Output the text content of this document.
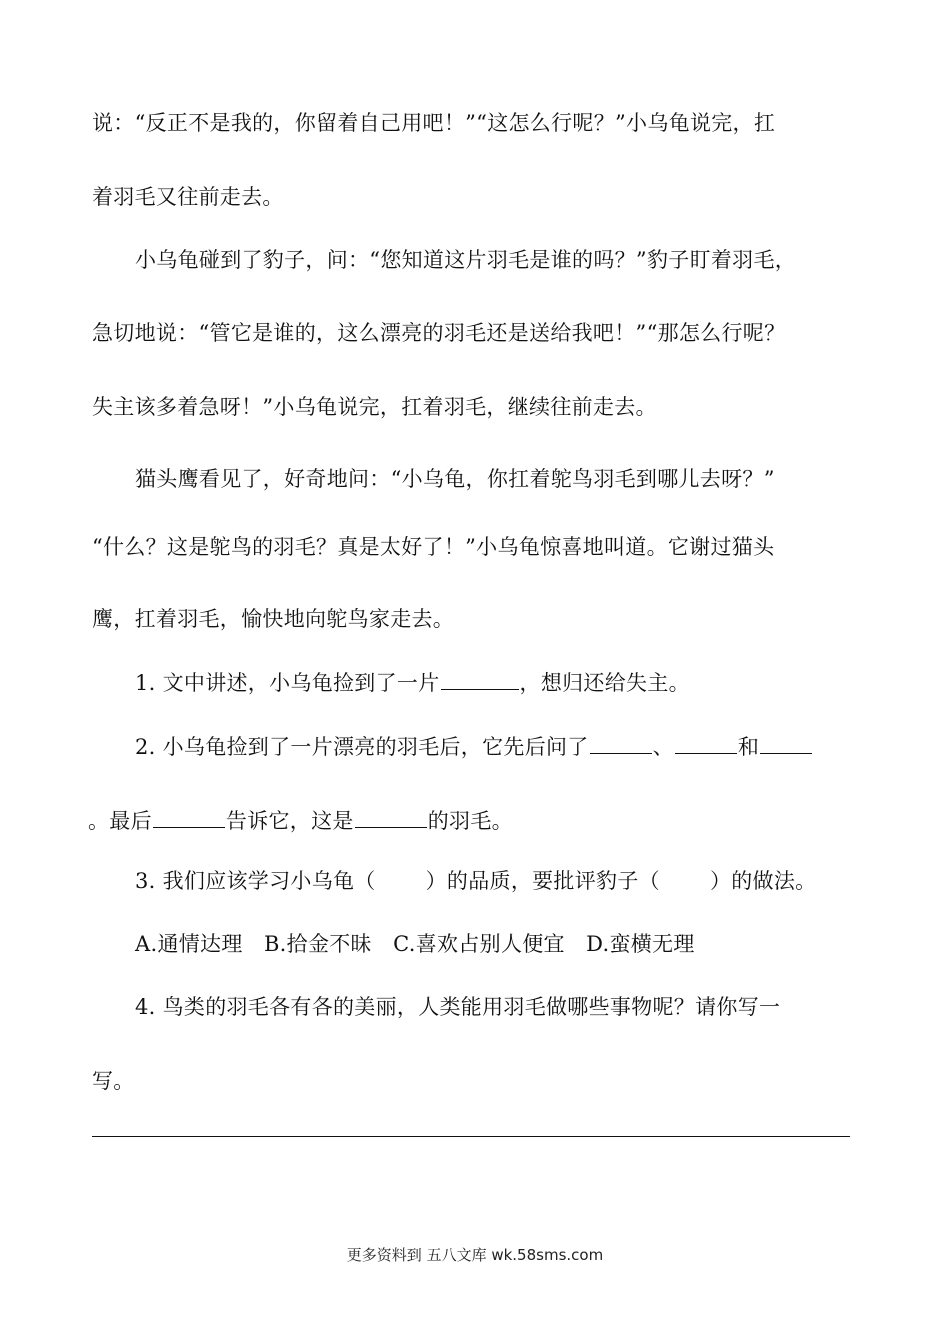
说：“反正不是我的，你留着自己用吧！”“这怎么行呢？”小乌龟说完，扛
着羽毛又往前走去。
小乌龟碰到了豹子，问：“您知道这片羽毛是谁的吗？”豹子盯着羽毛，
急切地说：“管它是谁的，这么漂亮的羽毛还是送给我吧！”“那怎么行呢？
失主该多着急呀！”小乌龟说完，扛着羽毛，继续往前走去。
猫头鹰看见了，好奇地问：“小乌龟，你扛着鸵鸟羽毛到哪儿去呀？”
“什么？这是鸵鸟的羽毛？真是太好了！”小乌龟惊喜地叫道。它谢过猫头
鹰，扛着羽毛，愉快地向鸵鸟家走去。
1. 文中讲述，小乌龟捡到了一片	，想归还给失主。
2. 小乌龟捡到了一片漂亮的羽毛后，它先后问了	、	和
。最后	告诉它，这是	的羽毛。
3. 我们应该学习小乌龟（ ）的品质，要批评豹子（ ）的做法。
A.通情达理　B.拾金不昧　C.喜欢占别人便宜　D.蛮横无理
4. 鸟类的羽毛各有各的美丽，人类能用羽毛做哪些事物呢？请你写一
写。
更多资料到 五八文库 wk.58sms.com
